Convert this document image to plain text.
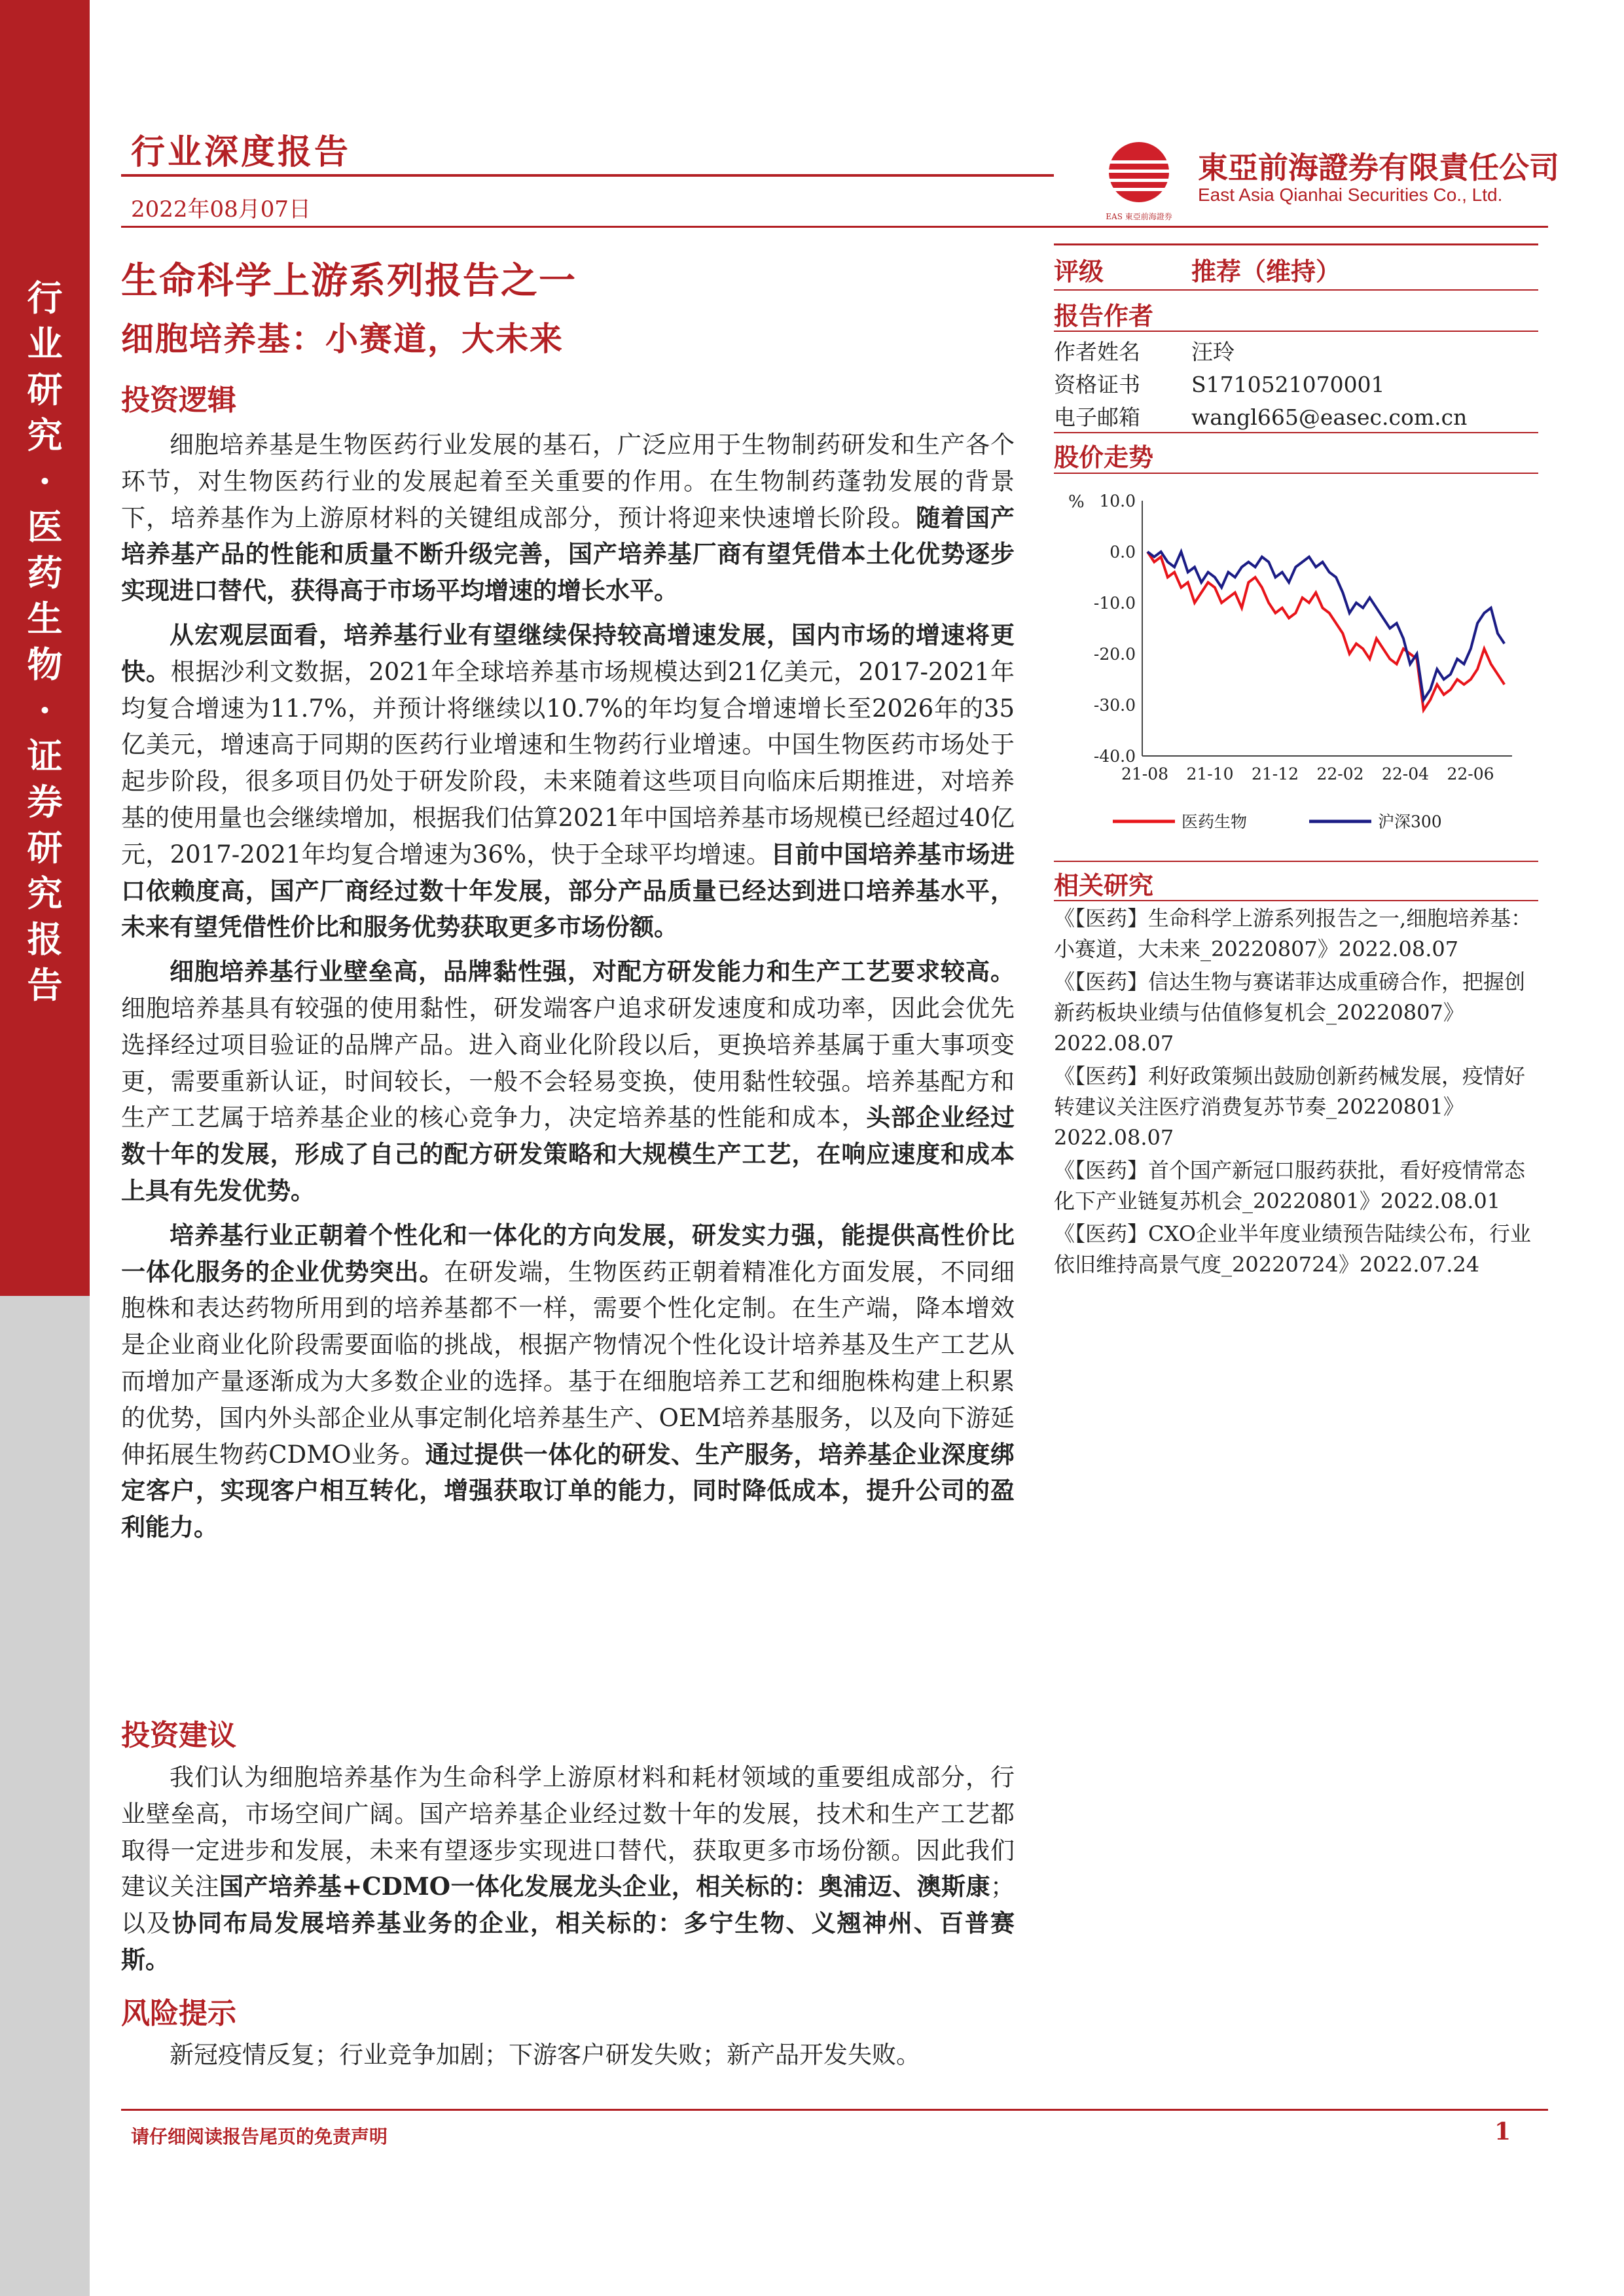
行
业
研
究
·
医
药
生
物
·
证
券
研
究
报
告
行业深度报告
2022年08月07日	EAS 東亞前海證券
東亞前海證券有限責任公司
East Asia Qianhai Securities Co., Ltd.
生命科学上游系列报告之一
细胞培养基：小赛道，大未来
投资逻辑

细胞培养基是生物医药行业发展的基石，广泛应用于生物制药研发和生产各个环节，对生物医药行业的发展起着至关重要的作用。在生物制药蓬勃发展的背景下，培养基作为上游原材料的关键组成部分，预计将迎来快速增长阶段。随着国产培养基产品的性能和质量不断升级完善，国产培养基厂商有望凭借本土化优势逐步实现进口替代，获得高于市场平均增速的增长水平。

从宏观层面看，培养基行业有望继续保持较高增速发展，国内市场的增速将更快。根据沙利文数据，2021年全球培养基市场规模达到21亿美元，2017-2021年均复合增速为11.7%，并预计将继续以10.7%的年均复合增速增长至2026年的35亿美元，增速高于同期的医药行业增速和生物药行业增速。中国生物医药市场处于起步阶段，很多项目仍处于研发阶段，未来随着这些项目向临床后期推进，对培养基的使用量也会继续增加，根据我们估算2021年中国培养基市场规模已经超过40亿元，2017-2021年均复合增速为36%，快于全球平均增速。目前中国培养基市场进口依赖度高，国产厂商经过数十年发展，部分产品质量已经达到进口培养基水平，未来有望凭借性价比和服务优势获取更多市场份额。

细胞培养基行业壁垒高，品牌黏性强，对配方研发能力和生产工艺要求较高。细胞培养基具有较强的使用黏性，研发端客户追求研发速度和成功率，因此会优先选择经过项目验证的品牌产品。进入商业化阶段以后，更换培养基属于重大事项变更，需要重新认证，时间较长，一般不会轻易变换，使用黏性较强。培养基配方和生产工艺属于培养基企业的核心竞争力，决定培养基的性能和成本，头部企业经过数十年的发展，形成了自己的配方研发策略和大规模生产工艺，在响应速度和成本上具有先发优势。

培养基行业正朝着个性化和一体化的方向发展，研发实力强，能提供高性价比一体化服务的企业优势突出。在研发端，生物医药正朝着精准化方面发展，不同细胞株和表达药物所用到的培养基都不一样，需要个性化定制。在生产端，降本增效是企业商业化阶段需要面临的挑战，根据产物情况个性化设计培养基及生产工艺从而增加产量逐渐成为大多数企业的选择。基于在细胞培养工艺和细胞株构建上积累的优势，国内外头部企业从事定制化培养基生产、OEM培养基服务，以及向下游延伸拓展生物药CDMO业务。通过提供一体化的研发、生产服务，培养基企业深度绑定客户，实现客户相互转化，增强获取订单的能力，同时降低成本，提升公司的盈利能力。

投资建议

我们认为细胞培养基作为生命科学上游原材料和耗材领域的重要组成部分，行业壁垒高，市场空间广阔。国产培养基企业经过数十年的发展，技术和生产工艺都取得一定进步和发展，未来有望逐步实现进口替代，获取更多市场份额。因此我们建议关注国产培养基+CDMO一体化发展龙头企业，相关标的：奥浦迈、澳斯康；以及协同布局发展培养基业务的企业，相关标的：多宁生物、义翘神州、百普赛斯。

风险提示

新冠疫情反复；行业竞争加剧；下游客户研发失败；新产品开发失败。

评级	推荐（维持）
报告作者
作者姓名 汪玲
资格证书 S1710521070001
电子邮箱 wangl665@easec.com.cn
股价走势
% 10.0
0.0
-10.0
-20.0
-30.0
-40.0
21-08 21-10 21-12 22-02 22-04 22-06
医药生物	沪深300
相关研究

《【医药】生命科学上游系列报告之一,细胞培养基：小赛道，大未来_20220807》2022.08.07

《【医药】信达生物与赛诺菲达成重磅合作，把握创新药板块业绩与估值修复机会_20220807》2022.08.07

《【医药】利好政策频出鼓励创新药械发展，疫情好转建议关注医疗消费复苏节奏_20220801》2022.08.07

《【医药】首个国产新冠口服药获批，看好疫情常态化下产业链复苏机会_20220801》2022.08.01

《【医药】CXO企业半年度业绩预告陆续公布，行业依旧维持高景气度_20220724》2022.07.24

请仔细阅读报告尾页的免责声明	1
